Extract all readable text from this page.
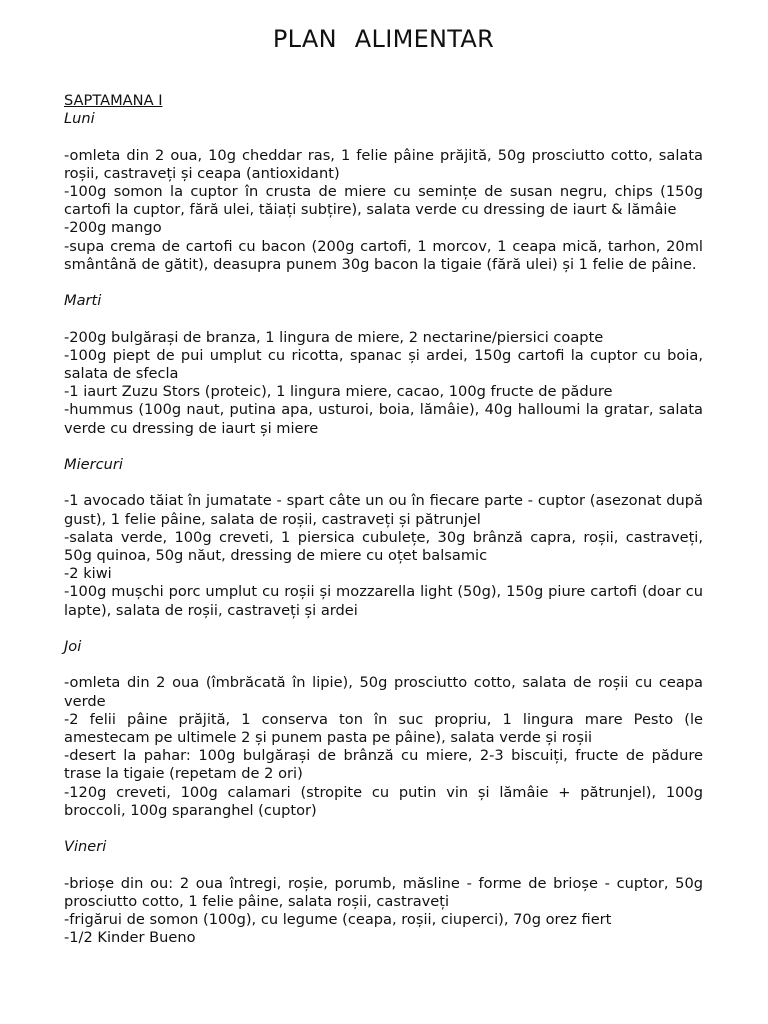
PLAN ALIMENTAR
SAPTAMANA I
Luni
-omleta din 2 oua, 10g cheddar ras, 1 felie pâine prăjită, 50g prosciutto cotto, salata roșii, castraveți și ceapa (antioxidant)
-100g somon la cuptor în crusta de miere cu semințe de susan negru, chips (150g cartofi la cuptor, fără ulei, tăiați subțire), salata verde cu dressing de iaurt & lămâie
-200g mango
-supa crema de cartofi cu bacon (200g cartofi, 1 morcov, 1 ceapa mică, tarhon, 20ml smântână de gătit), deasupra punem 30g bacon la tigaie (fără ulei) și 1 felie de pâine.
Marti
-200g bulgărași de branza, 1 lingura de miere, 2 nectarine/piersici coapte
-100g piept de pui umplut cu ricotta, spanac și ardei, 150g cartofi la cuptor cu boia, salata de sfecla
-1 iaurt Zuzu Stors (proteic), 1 lingura miere, cacao, 100g fructe de pădure
-hummus (100g naut, putina apa, usturoi, boia, lămâie), 40g halloumi la gratar, salata verde cu dressing de iaurt și miere
Miercuri
-1 avocado tăiat în jumatate - spart câte un ou în fiecare parte - cuptor (asezonat după gust), 1 felie pâine, salata de roșii, castraveți și pătrunjel
-salata verde, 100g creveti, 1 piersica cubulețe, 30g brânză capra, roșii, castraveți, 50g quinoa, 50g năut, dressing de miere cu oțet balsamic
-2 kiwi
-100g mușchi porc umplut cu roșii și mozzarella light (50g), 150g piure cartofi (doar cu lapte), salata de roșii, castraveți și ardei
Joi
-omleta din 2 oua (îmbrăcată în lipie), 50g prosciutto cotto, salata de roșii cu ceapa verde
-2 felii pâine prăjită, 1 conserva ton în suc propriu, 1 lingura mare Pesto (le amestecam pe ultimele 2 și punem pasta pe pâine), salata verde și roșii
-desert la pahar: 100g bulgărași de brânză cu miere, 2-3 biscuiți, fructe de pădure trase la tigaie (repetam de 2 ori)
-120g creveti, 100g calamari (stropite cu putin vin și lămâie + pătrunjel), 100g broccoli, 100g sparanghel (cuptor)
Vineri
-brioșe din ou: 2 oua întregi, roșie, porumb, măsline - forme de brioșe - cuptor, 50g prosciutto cotto, 1 felie pâine, salata roșii, castraveți
-frigărui de somon (100g), cu legume (ceapa, roșii, ciuperci), 70g orez fiert
-1/2 Kinder Bueno
